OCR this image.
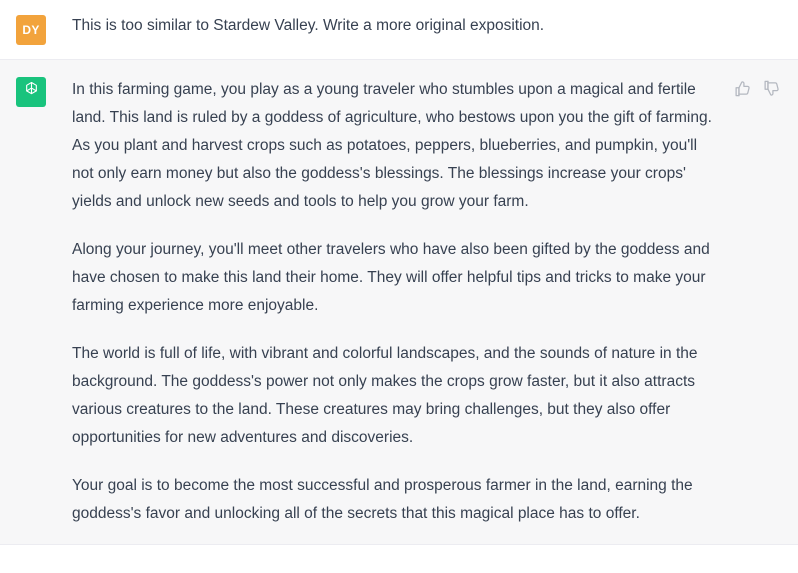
DY This is too similar to Stardew Valley. Write a more original exposition.

In this farming game, you play as a young traveler who stumbles upon a magical and fertile land. This land is ruled by a goddess of agriculture, who bestows upon you the gift of farming. As you plant and harvest crops such as potatoes, peppers, blueberries, and pumpkin, you'll not only earn money but also the goddess's blessings. The blessings increase your crops' yields and unlock new seeds and tools to help you grow your farm.

Along your journey, you'll meet other travelers who have also been gifted by the goddess and have chosen to make this land their home. They will offer helpful tips and tricks to make your farming experience more enjoyable.

The world is full of life, with vibrant and colorful landscapes, and the sounds of nature in the background. The goddess's power not only makes the crops grow faster, but it also attracts various creatures to the land. These creatures may bring challenges, but they also offer opportunities for new adventures and discoveries.

Your goal is to become the most successful and prosperous farmer in the land, earning the goddess's favor and unlocking all of the secrets that this magical place has to offer.
